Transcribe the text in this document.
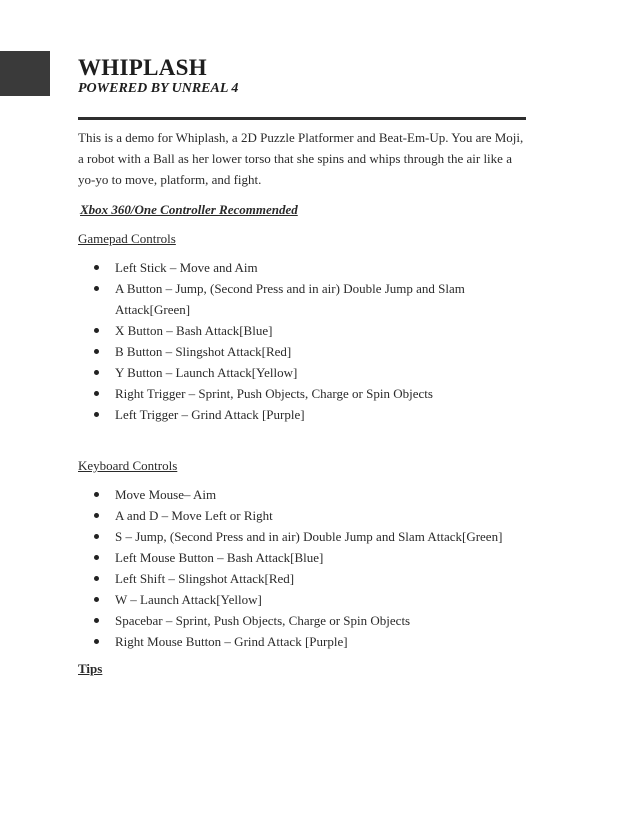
WHIPLASH
POWERED BY UNREAL 4

This is a demo for Whiplash, a 2D Puzzle Platformer and Beat-Em-Up. You are Moji, a robot with a Ball as her lower torso that she spins and whips through the air like a yo-yo to move, platform, and fight.

Xbox 360/One Controller Recommended
Gamepad Controls
Left Stick – Move and Aim
A Button – Jump, (Second Press and in air) Double Jump and Slam Attack[Green]
X Button – Bash Attack[Blue]
B Button – Slingshot Attack[Red]
Y Button – Launch Attack[Yellow]
Right Trigger – Sprint, Push Objects, Charge or Spin Objects
Left Trigger – Grind Attack [Purple]
Keyboard Controls
Move Mouse– Aim
A and D – Move Left or Right
S – Jump, (Second Press and in air) Double Jump and Slam Attack[Green]
Left Mouse Button – Bash Attack[Blue]
Left Shift – Slingshot Attack[Red]
W – Launch Attack[Yellow]
Spacebar – Sprint, Push Objects, Charge or Spin Objects
Right Mouse Button – Grind Attack [Purple]
Tips
